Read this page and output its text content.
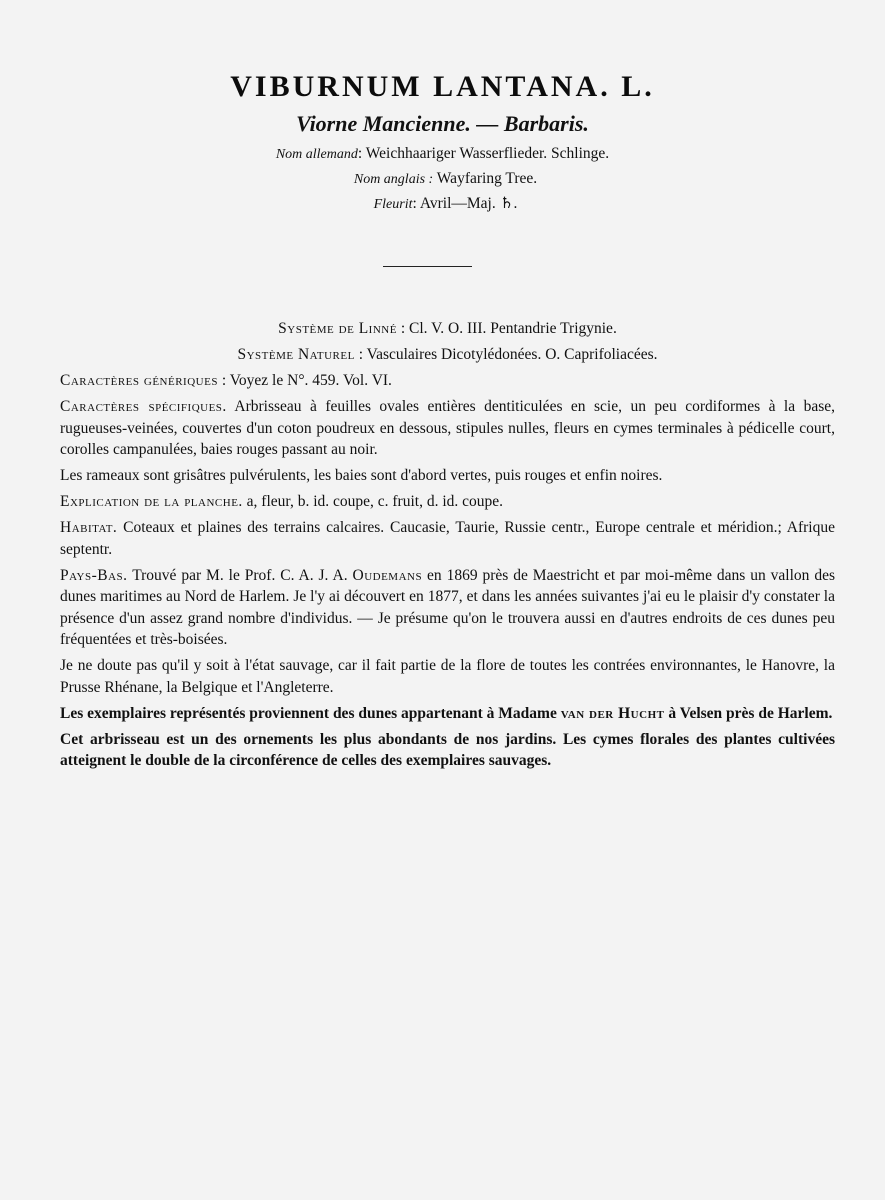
VIBURNUM LANTANA. L.
Viorne Mancienne. — Barbaris.
Nom allemand: Weichhaariger Wasserflieder. Schlinge.
Nom anglais : Wayfaring Tree.
Fleurit: Avril—Maj. ♄.

Système de Linné : Cl. V. O. III. Pentandrie Trigynie.

Système Naturel : Vasculaires Dicotylédonées. O. Caprifoliacées.

Caractères génériques : Voyez le N°. 459. Vol. VI.

Caractères spécifiques. Arbrisseau à feuilles ovales entières dentiticulées en scie, un peu cordiformes à la base, rugueuses-veinées, couvertes d'un coton poudreux en dessous, stipules nulles, fleurs en cymes terminales à pédicelle court, corolles campanulées, baies rouges passant au noir.

Les rameaux sont grisâtres pulvérulents, les baies sont d'abord vertes, puis rouges et enfin noires.

Explication de la planche. a, fleur, b. id. coupe, c. fruit, d. id. coupe.

Habitat. Coteaux et plaines des terrains calcaires. Caucasie, Taurie, Russie centr., Europe centrale et méridion.; Afrique septentr.

Pays-Bas. Trouvé par M. le Prof. C. A. J. A. Oudemans en 1869 près de Maestricht et par moi-même dans un vallon des dunes maritimes au Nord de Harlem. Je l'y ai découvert en 1877, et dans les années suivantes j'ai eu le plaisir d'y constater la présence d'un assez grand nombre d'individus. — Je présume qu'on le trouvera aussi en d'autres endroits de ces dunes peu fréquentées et très-boisées.

Je ne doute pas qu'il y soit à l'état sauvage, car il fait partie de la flore de toutes les contrées environnantes, le Hanovre, la Prusse Rhénane, la Belgique et l'Angleterre.

Les exemplaires représentés proviennent des dunes appartenant à Madame van der Hucht à Velsen près de Harlem.

Cet arbrisseau est un des ornements les plus abondants de nos jardins. Les cymes florales des plantes cultivées atteignent le double de la circonférence de celles des exemplaires sauvages.
